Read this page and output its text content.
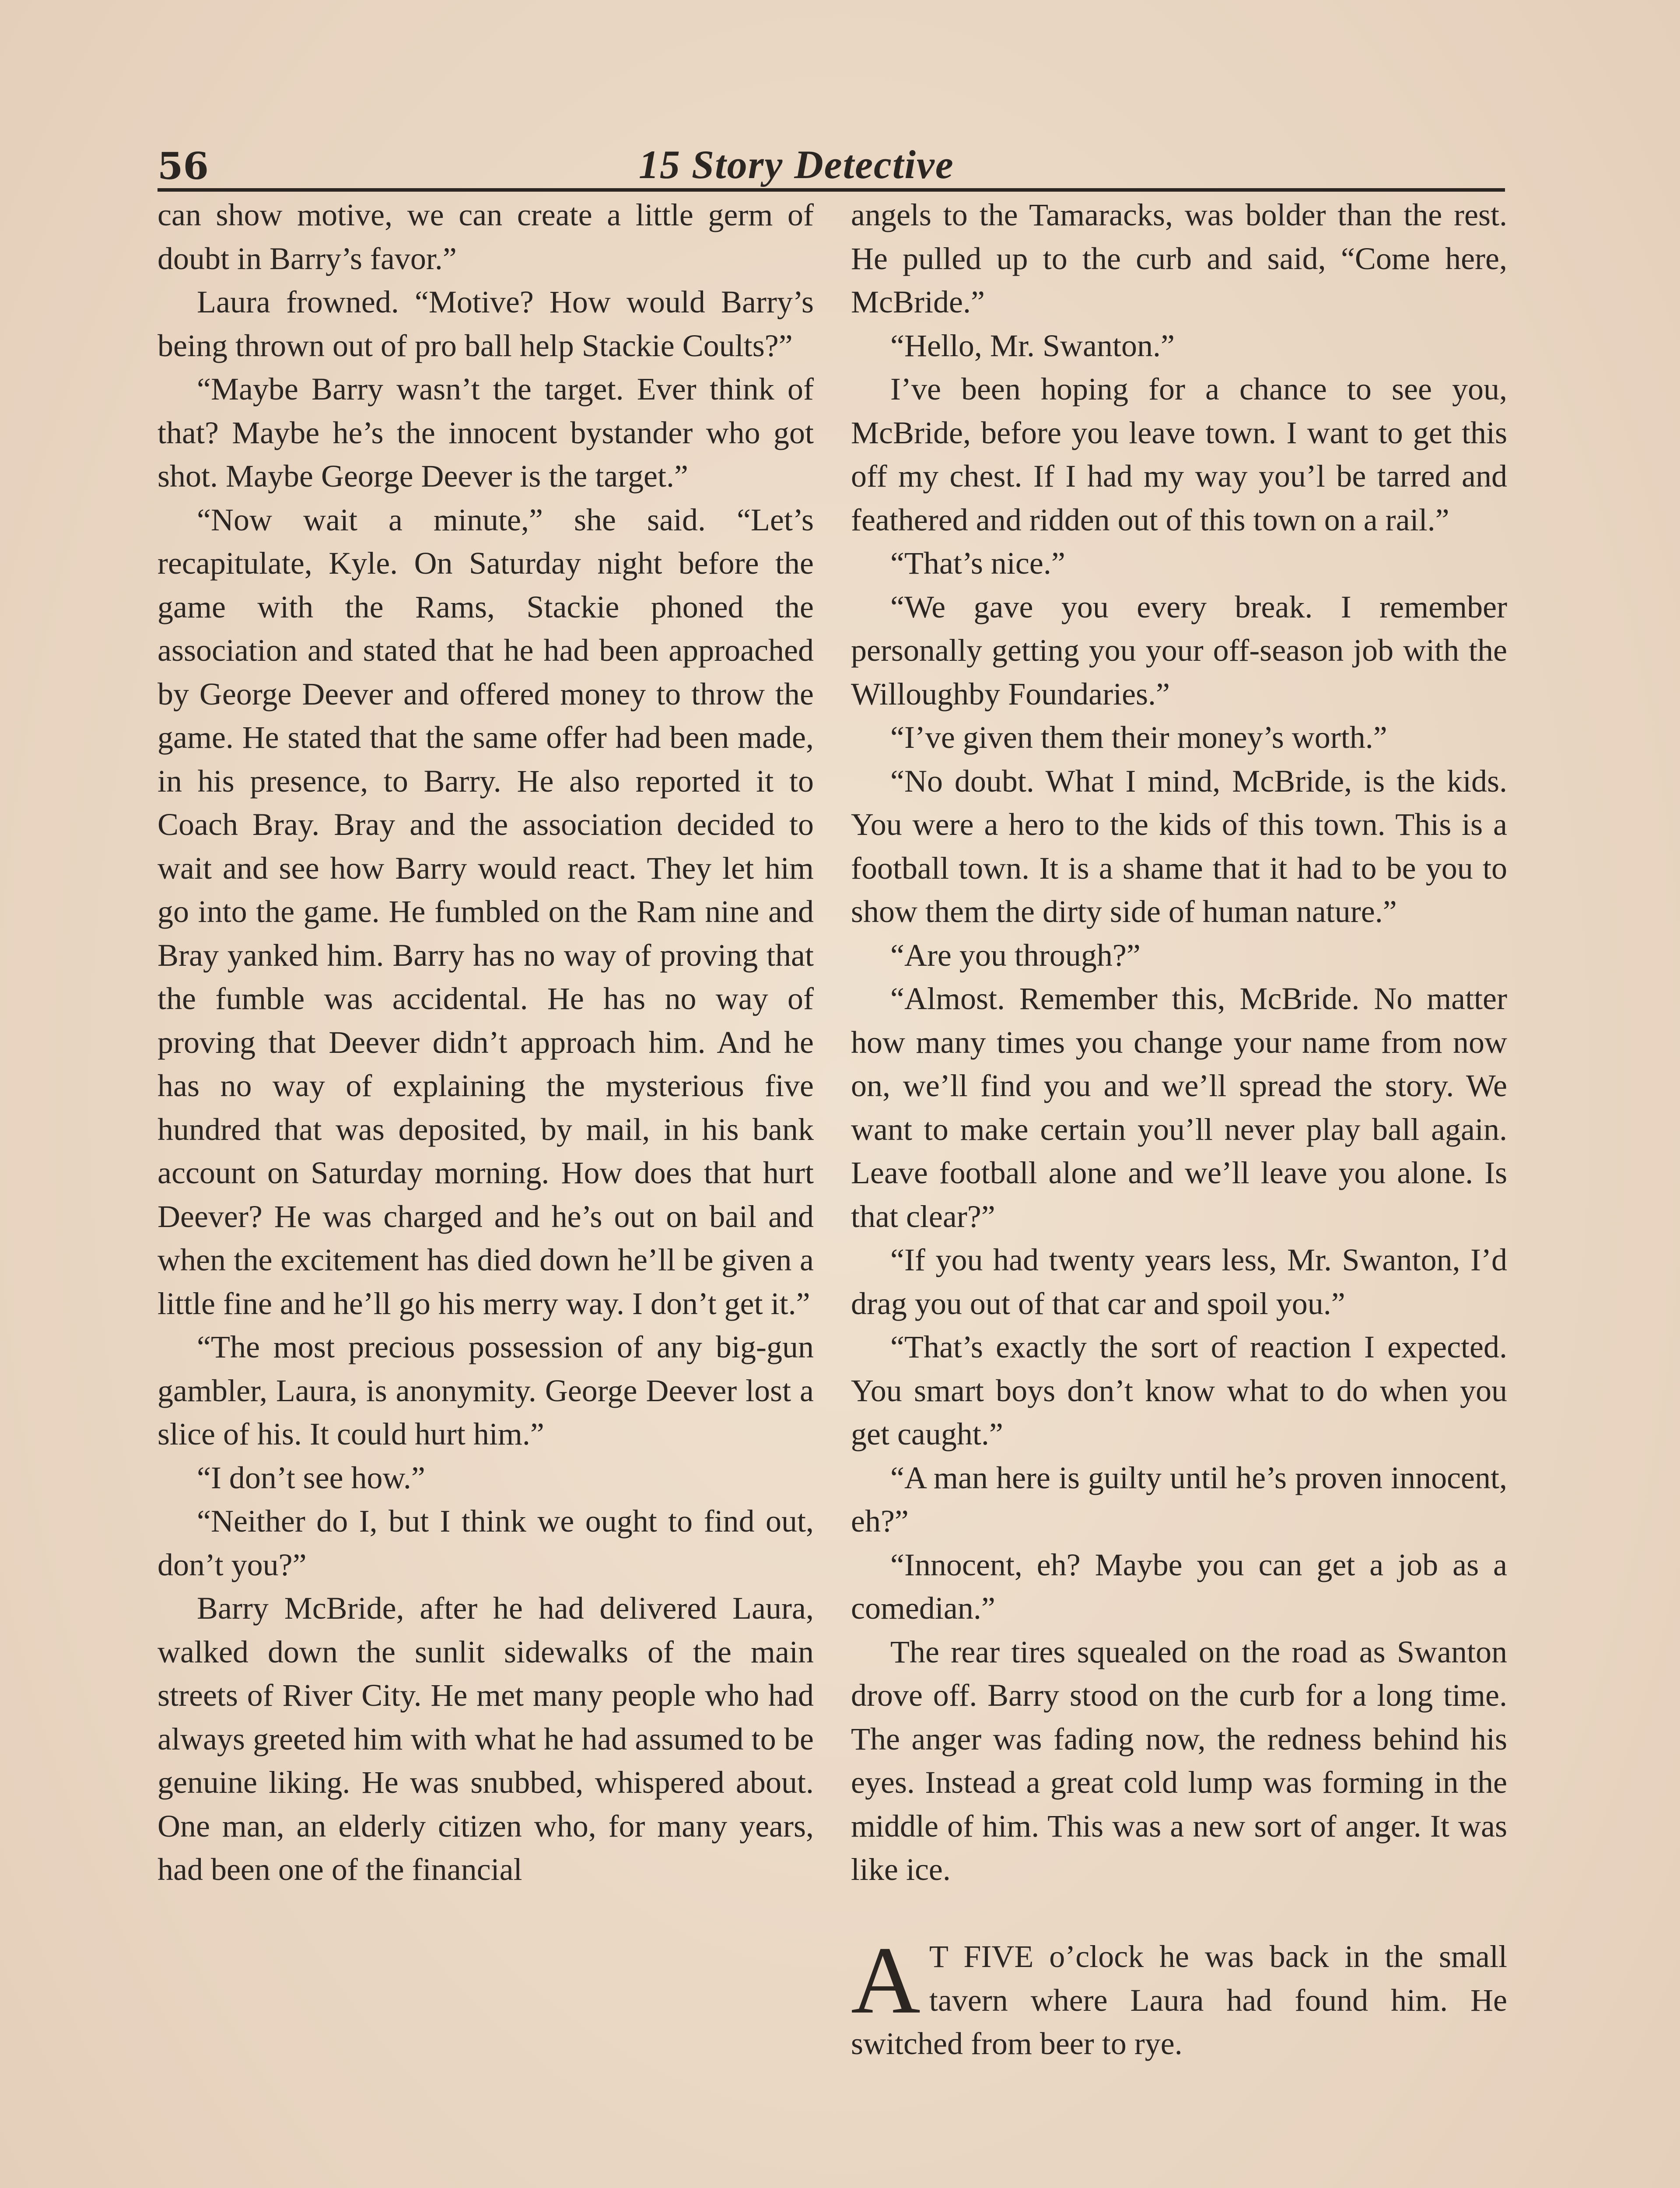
56	15 Story Detective

can show motive, we can create a little germ of doubt in Barry’s favor.”

Laura frowned. “Motive? How would Barry’s being thrown out of pro ball help Stackie Coults?”

“Maybe Barry wasn’t the target. Ever think of that? Maybe he’s the innocent bystander who got shot. Maybe George Deever is the target.”

“Now wait a minute,” she said. “Let’s recapitulate, Kyle. On Saturday night before the game with the Rams, Stackie phoned the association and stated that he had been approached by George Deever and offered money to throw the game. He stated that the same offer had been made, in his presence, to Barry. He also reported it to Coach Bray. Bray and the association decided to wait and see how Barry would react. They let him go into the game. He fumbled on the Ram nine and Bray yanked him. Barry has no way of proving that the fumble was accidental. He has no way of proving that Deever didn’t approach him. And he has no way of explaining the mysterious five hundred that was deposited, by mail, in his bank account on Saturday morning. How does that hurt Deever? He was charged and he’s out on bail and when the excitement has died down he’ll be given a little fine and he’ll go his merry way. I don’t get it.”

“The most precious possession of any big-gun gambler, Laura, is anonymity. George Deever lost a slice of his. It could hurt him.”

“I don’t see how.”

“Neither do I, but I think we ought to find out, don’t you?”

Barry McBride, after he had delivered Laura, walked down the sunlit sidewalks of the main streets of River City. He met many people who had always greeted him with what he had assumed to be genuine liking. He was snubbed, whispered about. One man, an elderly citizen who, for many years, had been one of the financial

angels to the Tamaracks, was bolder than the rest. He pulled up to the curb and said, “Come here, McBride.”

“Hello, Mr. Swanton.”

I’ve been hoping for a chance to see you, McBride, before you leave town. I want to get this off my chest. If I had my way you’l be tarred and feathered and ridden out of this town on a rail.”

“That’s nice.”

“We gave you every break. I remember personally getting you your off-season job with the Willoughby Foundaries.”

“I’ve given them their money’s worth.”

“No doubt. What I mind, McBride, is the kids. You were a hero to the kids of this town. This is a football town. It is a shame that it had to be you to show them the dirty side of human nature.”

“Are you through?”

“Almost. Remember this, McBride. No matter how many times you change your name from now on, we’ll find you and we’ll spread the story. We want to make certain you’ll never play ball again. Leave football alone and we’ll leave you alone. Is that clear?”

“If you had twenty years less, Mr. Swanton, I’d drag you out of that car and spoil you.”

“That’s exactly the sort of reaction I expected. You smart boys don’t know what to do when you get caught.”

“A man here is guilty until he’s proven innocent, eh?”

“Innocent, eh? Maybe you can get a job as a comedian.”

The rear tires squealed on the road as Swanton drove off. Barry stood on the curb for a long time. The anger was fading now, the redness behind his eyes. Instead a great cold lump was forming in the middle of him. This was a new sort of anger. It was like ice.

A T FIVE o’clock he was back in the small tavern where Laura had found him. He switched from beer to rye.
